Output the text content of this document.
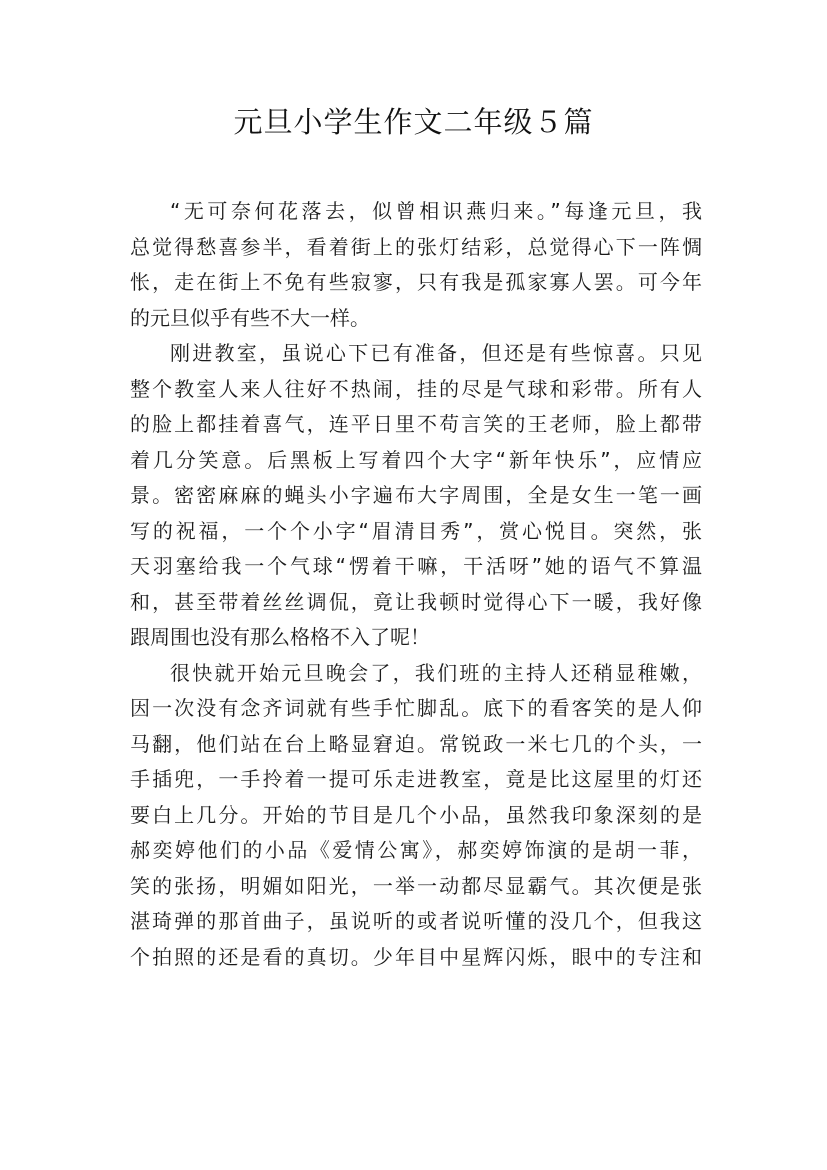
元旦小学生作文二年级５篇
“无可奈何花落去，似曾相识燕归来。”每逢元旦，我
总觉得愁喜参半，看着街上的张灯结彩，总觉得心下一阵惆
怅，走在街上不免有些寂寥，只有我是孤家寡人罢。可今年
的元旦似乎有些不大一样。
刚进教室，虽说心下已有准备，但还是有些惊喜。只见
整个教室人来人往好不热闹，挂的尽是气球和彩带。所有人
的脸上都挂着喜气，连平日里不苟言笑的王老师，脸上都带
着几分笑意。后黑板上写着四个大字“新年快乐”，应情应
景。密密麻麻的蝇头小字遍布大字周围，全是女生一笔一画
写的祝福，一个个小字“眉清目秀”，赏心悦目。突然，张
天羽塞给我一个气球“愣着干嘛，干活呀”她的语气不算温
和，甚至带着丝丝调侃，竟让我顿时觉得心下一暖，我好像
跟周围也没有那么格格不入了呢！
很快就开始元旦晚会了，我们班的主持人还稍显稚嫩，
因一次没有念齐词就有些手忙脚乱。底下的看客笑的是人仰
马翻，他们站在台上略显窘迫。常锐政一米七几的个头，一
手插兜，一手拎着一提可乐走进教室，竟是比这屋里的灯还
要白上几分。开始的节目是几个小品，虽然我印象深刻的是
郝奕婷他们的小品《爱情公寓》，郝奕婷饰演的是胡一菲，
笑的张扬，明媚如阳光，一举一动都尽显霸气。其次便是张
湛琦弹的那首曲子，虽说听的或者说听懂的没几个，但我这
个拍照的还是看的真切。少年目中星辉闪烁，眼中的专注和
